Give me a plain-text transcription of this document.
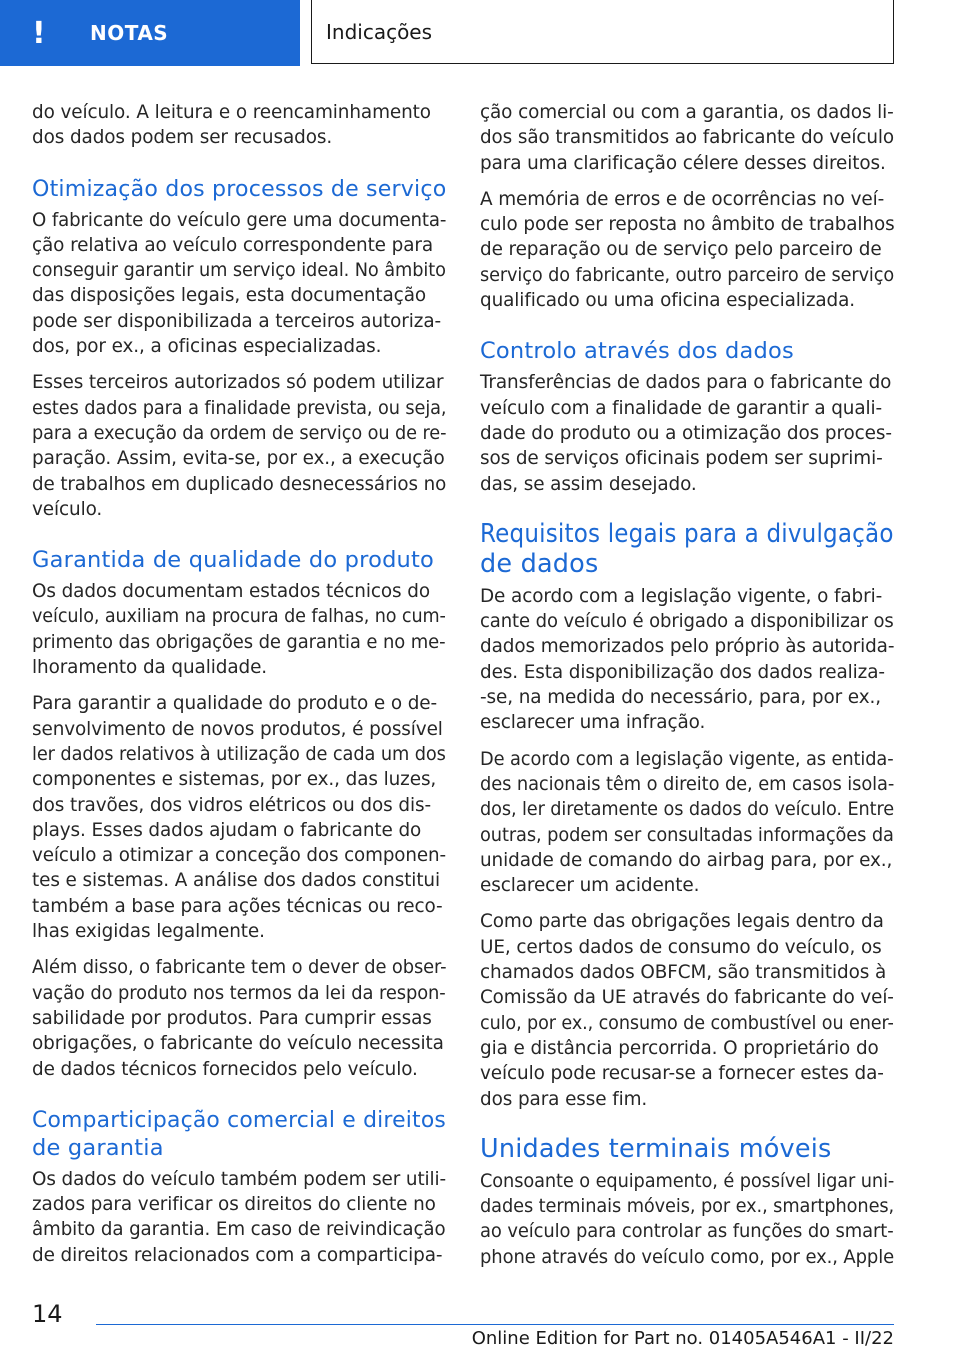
!	NOTAS	Indicações

do veículo. A leitura e o reencaminhamento
dos dados podem ser recusados.

Otimização dos processos de serviço

O fabricante do veículo gere uma documenta-
ção relativa ao veículo correspondente para
conseguir garantir um serviço ideal. No âmbito
das disposições legais, esta documentação
pode ser disponibilizada a terceiros autoriza-
dos, por ex., a oficinas especializadas.

Esses terceiros autorizados só podem utilizar
estes dados para a finalidade prevista, ou seja,
para a execução da ordem de serviço ou de re-
paração. Assim, evita-se, por ex., a execução
de trabalhos em duplicado desnecessários no
veículo.

Garantida de qualidade do produto

Os dados documentam estados técnicos do
veículo, auxiliam na procura de falhas, no cum-
primento das obrigações de garantia e no me-
lhoramento da qualidade.

Para garantir a qualidade do produto e o de-
senvolvimento de novos produtos, é possível
ler dados relativos à utilização de cada um dos
componentes e sistemas, por ex., das luzes,
dos travões, dos vidros elétricos ou dos dis-
plays. Esses dados ajudam o fabricante do
veículo a otimizar a conceção dos componen-
tes e sistemas. A análise dos dados constitui
também a base para ações técnicas ou reco-
lhas exigidas legalmente.

Além disso, o fabricante tem o dever de obser-
vação do produto nos termos da lei da respon-
sabilidade por produtos. Para cumprir essas
obrigações, o fabricante do veículo necessita
de dados técnicos fornecidos pelo veículo.

Comparticipação comercial e direitos
de garantia

Os dados do veículo também podem ser utili-
zados para verificar os direitos do cliente no
âmbito da garantia. Em caso de reivindicação
de direitos relacionados com a comparticipa-

ção comercial ou com a garantia, os dados li-
dos são transmitidos ao fabricante do veículo
para uma clarificação célere desses direitos.

A memória de erros e de ocorrências no veí-
culo pode ser reposta no âmbito de trabalhos
de reparação ou de serviço pelo parceiro de
serviço do fabricante, outro parceiro de serviço
qualificado ou uma oficina especializada.

Controlo através dos dados

Transferências de dados para o fabricante do
veículo com a finalidade de garantir a quali-
dade do produto ou a otimização dos proces-
sos de serviços oficinais podem ser suprimi-
das, se assim desejado.

Requisitos legais para a divulgação
de dados

De acordo com a legislação vigente, o fabri-
cante do veículo é obrigado a disponibilizar os
dados memorizados pelo próprio às autorida-
des. Esta disponibilização dos dados realiza-
-se, na medida do necessário, para, por ex.,
esclarecer uma infração.

De acordo com a legislação vigente, as entida-
des nacionais têm o direito de, em casos isola-
dos, ler diretamente os dados do veículo. Entre
outras, podem ser consultadas informações da
unidade de comando do airbag para, por ex.,
esclarecer um acidente.

Como parte das obrigações legais dentro da
UE, certos dados de consumo do veículo, os
chamados dados OBFCM, são transmitidos à
Comissão da UE através do fabricante do veí-
culo, por ex., consumo de combustível ou ener-
gia e distância percorrida. O proprietário do
veículo pode recusar-se a fornecer estes da-
dos para esse fim.

Unidades terminais móveis

Consoante o equipamento, é possível ligar uni-
dades terminais móveis, por ex., smartphones,
ao veículo para controlar as funções do smart-
phone através do veículo como, por ex., Apple

14
Online Edition for Part no. 01405A546A1 - II/22
